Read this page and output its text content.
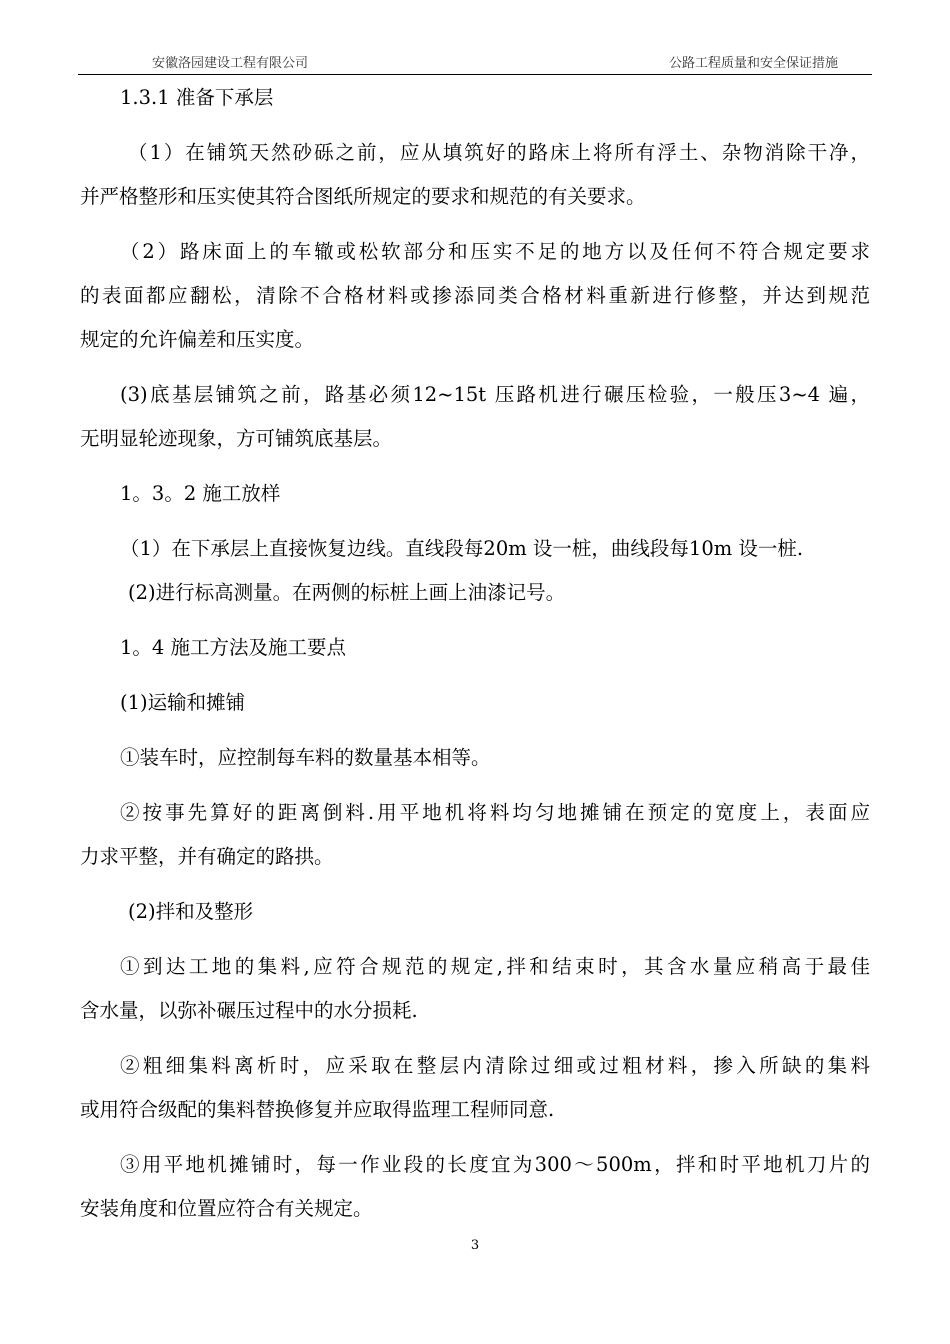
安徽洛园建设工程有限公司	公路工程质量和安全保证措施
1.3.1 准备下承层
（1）在铺筑天然砂砾之前，应从填筑好的路床上将所有浮土、杂物消除干净，
并严格整形和压实使其符合图纸所规定的要求和规范的有关要求。
（2）路床面上的车辙或松软部分和压实不足的地方以及任何不符合规定要求
的表面都应翻松，清除不合格材料或掺添同类合格材料重新进行修整，并达到规范
规定的允许偏差和压实度。
(3)底基层铺筑之前，路基必须12~15t 压路机进行碾压检验，一般压3~4 遍，
无明显轮迹现象，方可铺筑底基层。
1。3。2 施工放样
（1）在下承层上直接恢复边线。直线段每20m 设一桩，曲线段每10m 设一桩.
(2)进行标高测量。在两侧的标桩上画上油漆记号。
1。4 施工方法及施工要点
(1)运输和摊铺
①装车时，应控制每车料的数量基本相等。
②按事先算好的距离倒料.用平地机将料均匀地摊铺在预定的宽度上，表面应
力求平整，并有确定的路拱。
(2)拌和及整形
①到达工地的集料,应符合规范的规定,拌和结束时，其含水量应稍高于最佳
含水量，以弥补碾压过程中的水分损耗.
②粗细集料离析时，应采取在整层内清除过细或过粗材料，掺入所缺的集料
或用符合级配的集料替换修复并应取得监理工程师同意.
③用平地机摊铺时，每一作业段的长度宜为300～500m，拌和时平地机刀片的
安装角度和位置应符合有关规定。
3
